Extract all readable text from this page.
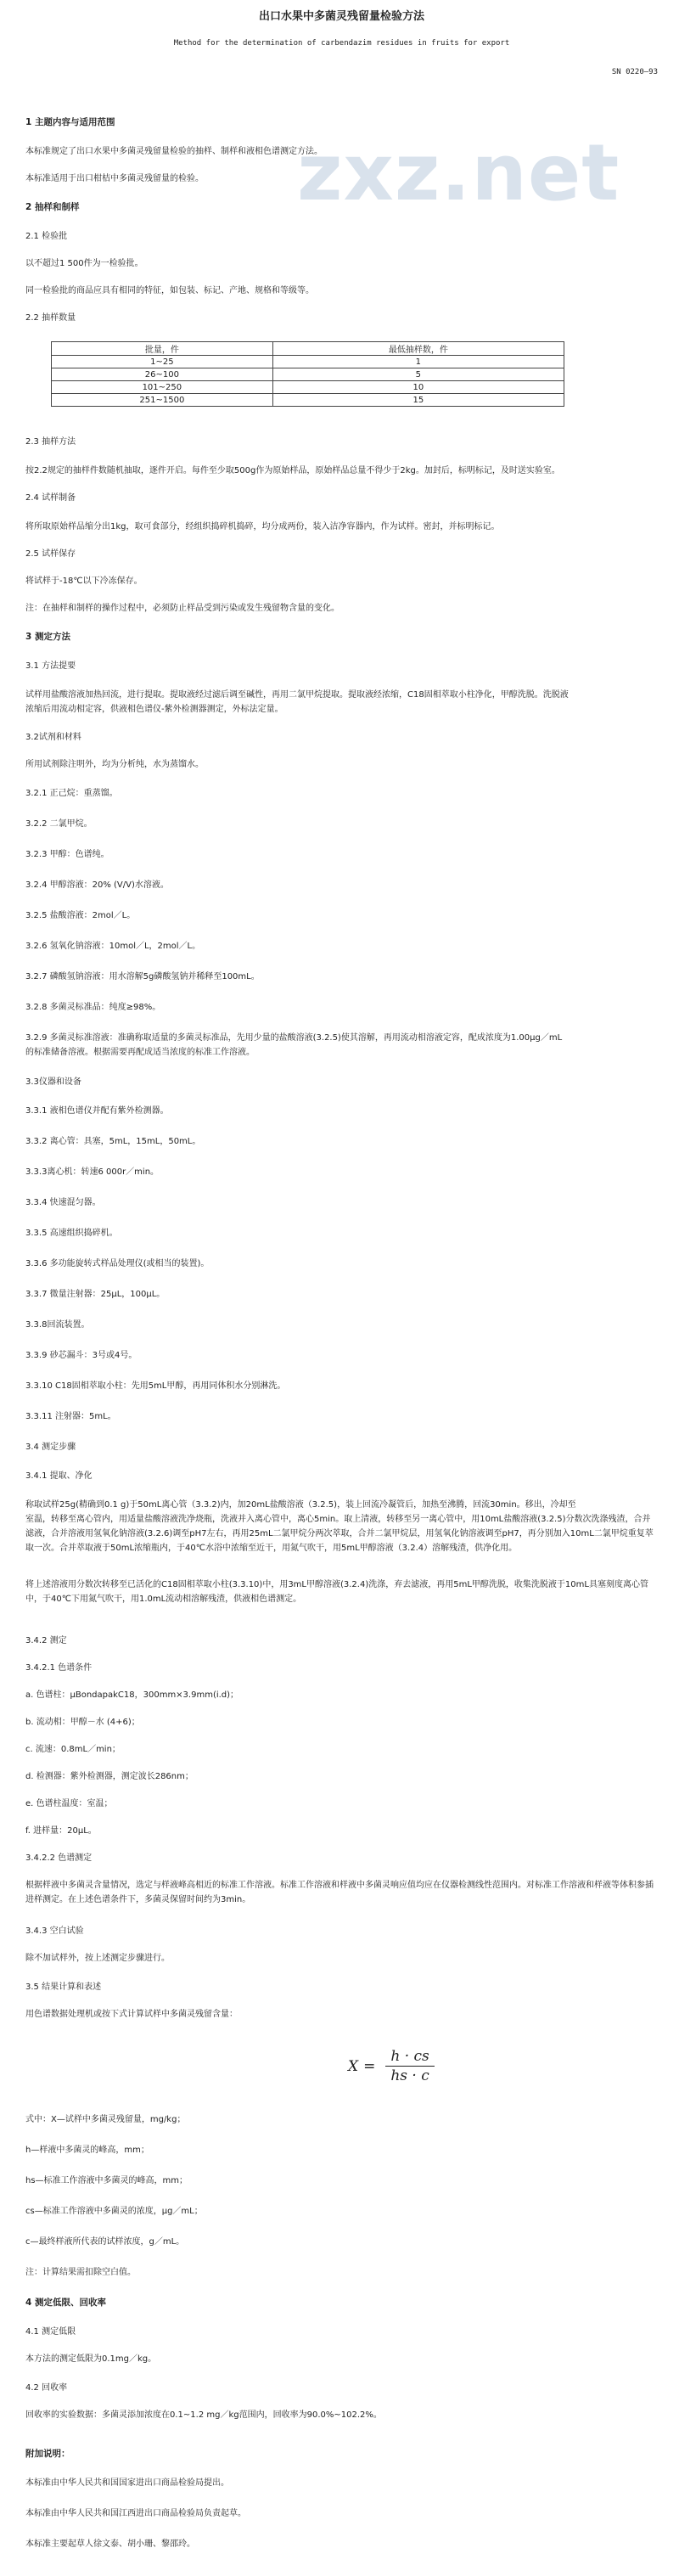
zxz.net
出口水果中多菌灵残留量检验方法
Method for the determination of carbendazim residues in fruits for export
SN 0220—93
1 主题内容与适用范围
本标准规定了出口水果中多菌灵残留量检验的抽样、制样和液相色谱测定方法。
本标准适用于出口柑桔中多菌灵残留量的检验。
2 抽样和制样
2.1 检验批
以不超过1 500件为一检验批。
同一检验批的商品应具有相同的特征，如包装、标记、产地、规格和等级等。
2.2 抽样数量
批量，件	最低抽样数，件
1~25	1
26~100	5
101~250	10
251~1500	15
2.3 抽样方法
按2.2规定的抽样件数随机抽取，逐件开启。每件至少取500g作为原始样品，原始样品总量不得少于2kg。加封后，标明标记，及时送实验室。
2.4 试样制备
将所取原始样品缩分出1kg，取可食部分，经组织捣碎机捣碎，均分成两份，装入洁净容器内，作为试样。密封，并标明标记。
2.5 试样保存
将试样于-18℃以下冷冻保存。
注：在抽样和制样的操作过程中，必须防止样品受到污染或发生残留物含量的变化。
3 测定方法
3.1 方法提要
试样用盐酸溶液加热回流，进行提取。提取液经过滤后调至碱性，再用二氯甲烷提取。提取液经浓缩，C18固相萃取小柱净化，甲醇洗脱。洗脱液
浓缩后用流动相定容，供液相色谱仪-紫外检测器测定，外标法定量。
3.2试剂和材料
所用试剂除注明外，均为分析纯，水为蒸馏水。
3.2.1 正己烷：重蒸馏。
3.2.2 二氯甲烷。
3.2.3 甲醇：色谱纯。
3.2.4 甲醇溶液：20% (V/V)水溶液。
3.2.5 盐酸溶液：2mol／L。
3.2.6 氢氧化钠溶液：10mol／L，2mol／L。
3.2.7 磷酸氢钠溶液：用水溶解5g磷酸氢钠并稀释至100mL。
3.2.8 多菌灵标准品：纯度≥98%。
3.2.9 多菌灵标准溶液：准确称取适量的多菌灵标准品，先用少量的盐酸溶液(3.2.5)使其溶解，再用流动相溶液定容，配成浓度为1.00μg／mL
的标准储备溶液。根据需要再配成适当浓度的标准工作溶液。
3.3仪器和设备
3.3.1 液相色谱仪并配有紫外检测器。
3.3.2 离心管：具塞，5mL，15mL，50mL。
3.3.3离心机：转速6 000r／min。
3.3.4 快速混匀器。
3.3.5 高速组织捣碎机。
3.3.6 多功能旋转式样品处理仪(或相当的装置)。
3.3.7 微量注射器：25μL，100μL。
3.3.8回流装置。
3.3.9 砂芯漏斗：3号或4号。
3.3.10 C18固相萃取小柱：先用5mL甲醇，再用同体积水分别淋洗。
3.3.11 注射器：5mL。
3.4 测定步骤
3.4.1 提取、净化
称取试样25g(精确到0.1 g)于50mL离心管（3.3.2)内，加20mL盐酸溶液（3.2.5)，装上回流冷凝管后，加热至沸腾，回流30min。移出，冷却至
室温，转移至离心管内，用适量盐酸溶液洗净烧瓶，洗液并入离心管中，离心5min。取上清液，转移至另一离心管中，用10mL盐酸溶液(3.2.5)分数次洗涤残渣，合并滤液，合并溶液用氢氧化钠溶液(3.2.6)调至pH7左右，再用25mL二氯甲烷分两次萃取，合并二氯甲烷层，用氢氧化钠溶液调至pH7，再分别加入10mL二氯甲烷重复萃取一次。合并萃取液于50mL浓缩瓶内，于40℃水浴中浓缩至近干，用氮气吹干，用5mL甲醇溶液（3.2.4）溶解残渣，供净化用。
将上述溶液用分数次转移至已活化的C18固相萃取小柱(3.3.10)中，用3mL甲醇溶液(3.2.4)洗涤，弃去滤液，再用5mL甲醇洗脱，收集洗脱液于10mL具塞刻度离心管中，于40℃下用氮气吹干，用1.0mL流动相溶解残渣，供液相色谱测定。
3.4.2 测定
3.4.2.1 色谱条件
a. 色谱柱：μBondapakC18，300mm×3.9mm(i.d)；
b. 流动相：甲醇－水 (4+6)；
c. 流速：0.8mL／min；
d. 检测器：紫外检测器，测定波长286nm；
e. 色谱柱温度：室温；
f. 进样量：20μL。
3.4.2.2 色谱测定
根据样液中多菌灵含量情况，选定与样液峰高相近的标准工作溶液。标准工作溶液和样液中多菌灵响应值均应在仪器检测线性范围内。对标准工作溶液和样液等体积参插进样测定。在上述色谱条件下，多菌灵保留时间约为3min。
3.4.3 空白试验
除不加试样外，按上述测定步骤进行。
3.5 结果计算和表述
用色谱数据处理机或按下式计算试样中多菌灵残留含量：
$X = \frac{h \cdot cs}{hs \cdot c}$
式中：X—试样中多菌灵残留量，mg/kg；
h—样液中多菌灵的峰高，mm；
hs—标准工作溶液中多菌灵的峰高，mm；
cs—标准工作溶液中多菌灵的浓度，μg／mL；
c—最终样液所代表的试样浓度，g／mL。
注：计算结果需扣除空白值。
4 测定低限、回收率
4.1 测定低限
本方法的测定低限为0.1mg／kg。
4.2 回收率
回收率的实验数据：多菌灵添加浓度在0.1~1.2 mg／kg范围内，回收率为90.0%~102.2%。
附加说明：
本标准由中华人民共和国国家进出口商品检验局提出。
本标准由中华人民共和国江西进出口商品检验局负责起草。
本标准主要起草人徐文泰、胡小珊、黎邵玲。
